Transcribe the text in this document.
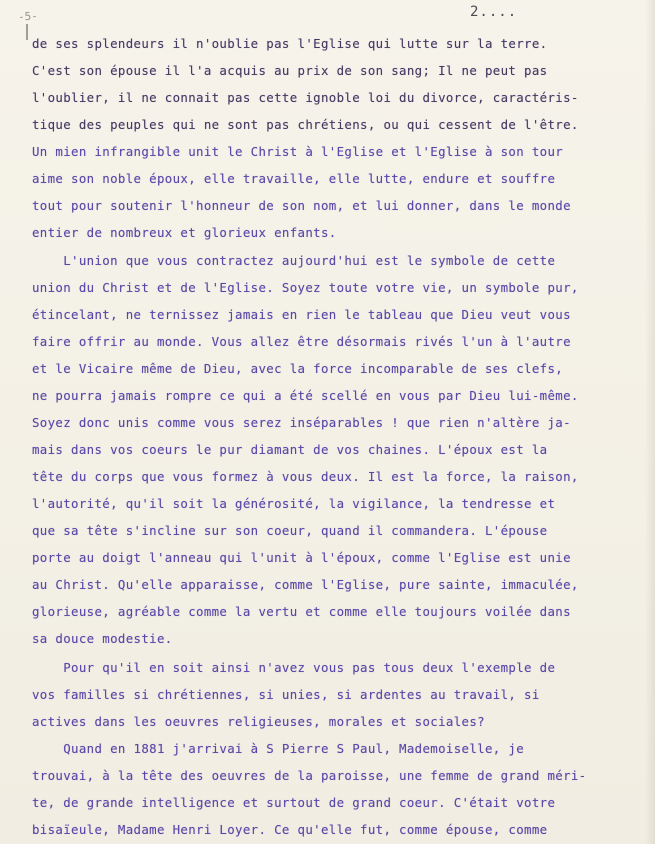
-5-	2....
de ses splendeurs il n'oublie pas l'Eglise qui lutte sur la terre.
C'est son épouse il l'a acquis au prix de son sang; Il ne peut pas
l'oublier, il ne connait pas cette ignoble loi du divorce, caractéris-
tique des peuples qui ne sont pas chrétiens, ou qui cessent de l'être.
Un mien infrangible unit le Christ à l'Eglise et l'Eglise à son tour
aime son noble époux, elle travaille, elle lutte, endure et souffre
tout pour soutenir l'honneur de son nom, et lui donner, dans le monde
entier de nombreux et glorieux enfants.
L'union que vous contractez aujourd'hui est le symbole de cette
union du Christ et de l'Eglise. Soyez toute votre vie, un symbole pur,
étincelant, ne ternissez jamais en rien le tableau que Dieu veut vous
faire offrir au monde. Vous allez être désormais rivés l'un à l'autre
et le Vicaire même de Dieu, avec la force incomparable de ses clefs,
ne pourra jamais rompre ce qui a été scellé en vous par Dieu lui-même.
Soyez donc unis comme vous serez inséparables ! que rien n'altère ja-
mais dans vos coeurs le pur diamant de vos chaines. L'époux est la
tête du corps que vous formez à vous deux. Il est la force, la raison,
l'autorité, qu'il soit la générosité, la vigilance, la tendresse et
que sa tête s'incline sur son coeur, quand il commandera. L'épouse
porte au doigt l'anneau qui l'unit à l'époux, comme l'Eglise est unie
au Christ. Qu'elle apparaisse, comme l'Eglise, pure sainte, immaculée,
glorieuse, agréable comme la vertu et comme elle toujours voilée dans
sa douce modestie.
Pour qu'il en soit ainsi n'avez vous pas tous deux l'exemple de
vos familles si chrétiennes, si unies, si ardentes au travail, si
actives dans les oeuvres religieuses, morales et sociales?
Quand en 1881 j'arrivai à S Pierre S Paul, Mademoiselle, je
trouvai, à la tête des oeuvres de la paroisse, une femme de grand méri-
te, de grande intelligence et surtout de grand coeur. C'était votre
bisaïeule, Madame Henri Loyer. Ce qu'elle fut, comme épouse, comme
